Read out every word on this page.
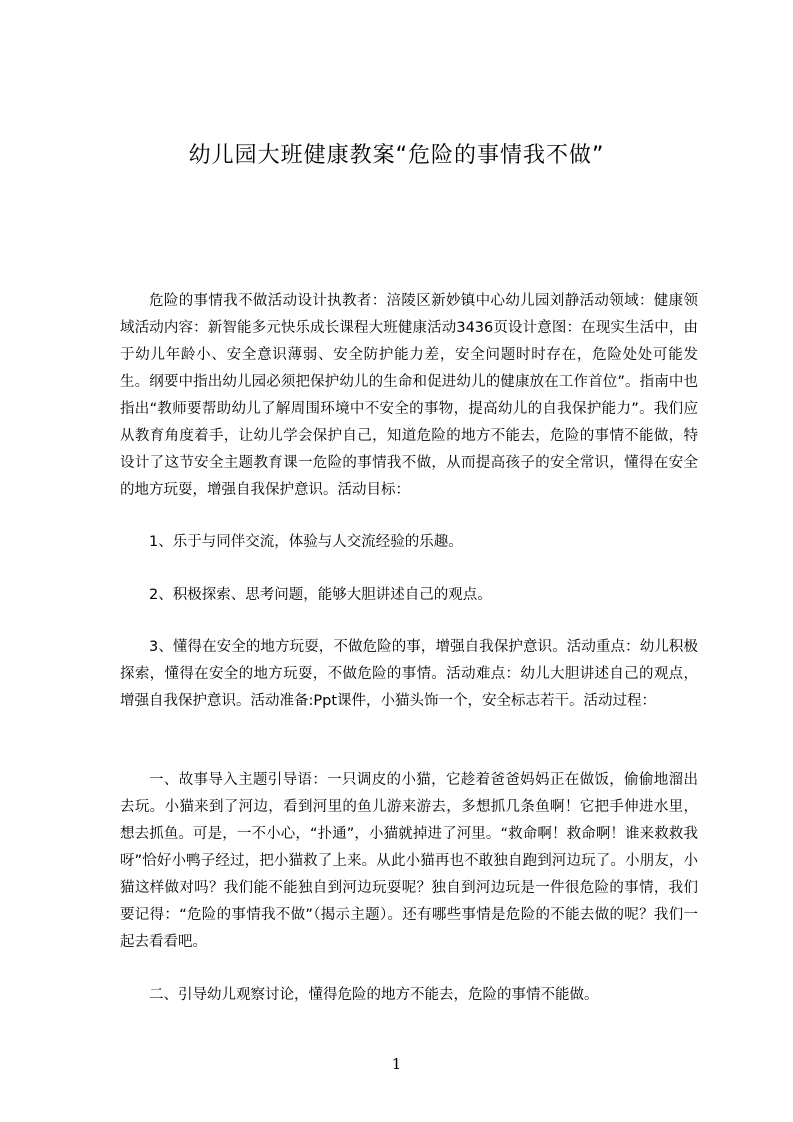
幼儿园大班健康教案“危险的事情我不做”

危险的事情我不做活动设计执教者：涪陵区新妙镇中心幼儿园刘静活动领域：健康领域活动内容：新智能多元快乐成长课程大班健康活动3436页设计意图：在现实生活中，由于幼儿年龄小、安全意识薄弱、安全防护能力差，安全问题时时存在，危险处处可能发生。纲要中指出幼儿园必须把保护幼儿的生命和促进幼儿的健康放在工作首位”。指南中也指出“教师要帮助幼儿了解周围环境中不安全的事物，提高幼儿的自我保护能力”。我们应从教育角度着手，让幼儿学会保护自己，知道危险的地方不能去，危险的事情不能做，特设计了这节安全主题教育课一危险的事情我不做，从而提高孩子的安全常识，懂得在安全的地方玩耍，增强自我保护意识。活动目标：

1、乐于与同伴交流，体验与人交流经验的乐趣。

2、积极探索、思考问题，能够大胆讲述自己的观点。

3、懂得在安全的地方玩耍，不做危险的事，增强自我保护意识。活动重点：幼儿积极探索，懂得在安全的地方玩耍，不做危险的事情。活动难点：幼儿大胆讲述自己的观点，增强自我保护意识。活动准备:Ppt课件，小猫头饰一个，安全标志若干。活动过程：

一、故事导入主题引导语：一只调皮的小猫，它趁着爸爸妈妈正在做饭，偷偷地溜出去玩。小猫来到了河边，看到河里的鱼儿游来游去，多想抓几条鱼啊！它把手伸进水里，想去抓鱼。可是，一不小心，“扑通”，小猫就掉进了河里。“救命啊！救命啊！谁来救救我呀”恰好小鸭子经过，把小猫救了上来。从此小猫再也不敢独自跑到河边玩了。小朋友，小猫这样做对吗？我们能不能独自到河边玩耍呢？独自到河边玩是一件很危险的事情，我们要记得：“危险的事情我不做”（揭示主题）。还有哪些事情是危险的不能去做的呢？我们一起去看看吧。

二、引导幼儿观察讨论，懂得危险的地方不能去，危险的事情不能做。

1
